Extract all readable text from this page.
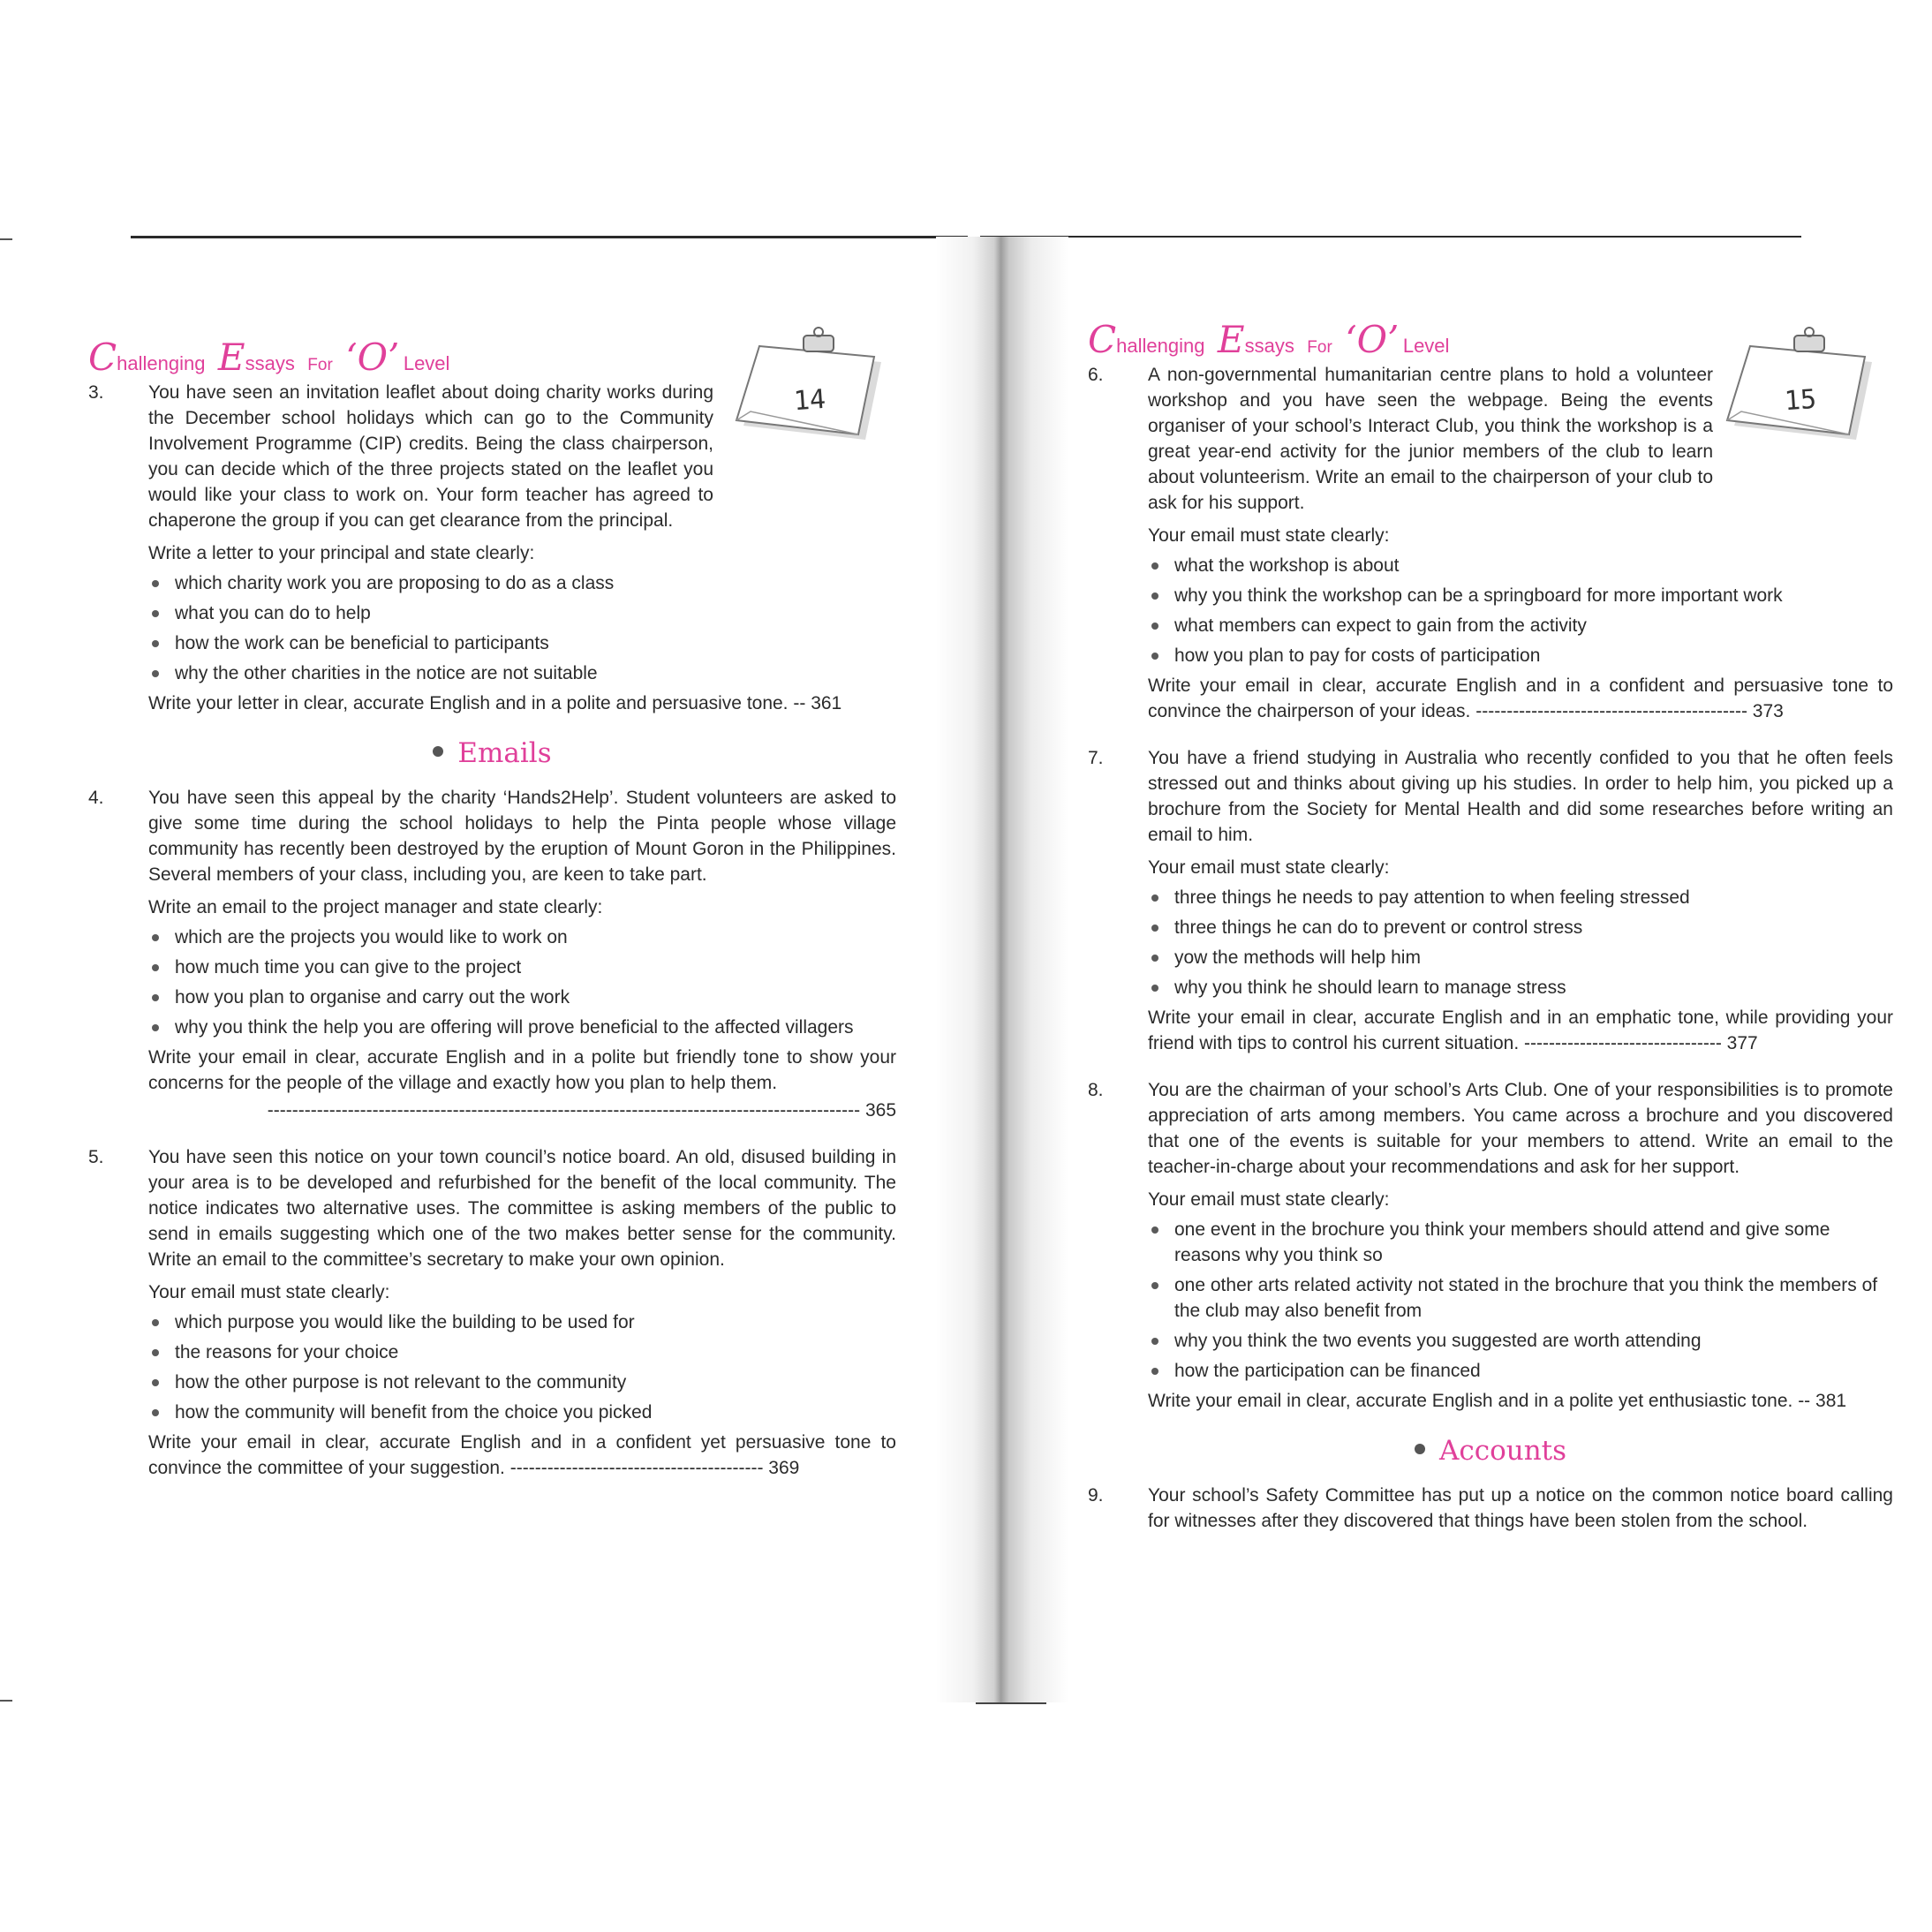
Challenging Essays For ‘O’ Level
14
3.	You have seen an invitation leaflet about doing charity works during the December school holidays which can go to the Community Involvement Programme (CIP) credits. Being the class chairperson, you can decide which of the three projects stated on the leaflet you would like your class to work on. Your form teacher has agreed to chaperone the group if you can get clearance from the principal.

Write a letter to your principal and state clearly:

which charity work you are proposing to do as a class
what you can do to help
how the work can be beneficial to participants
why the other charities in the notice are not suitable

Write your letter in clear, accurate English and in a polite and persuasive tone. -- 361

Emails
4.	You have seen this appeal by the charity ‘Hands2Help’. Student volunteers are asked to give some time during the school holidays to help the Pinta people whose village community has recently been destroyed by the eruption of Mount Goron in the Philippines. Several members of your class, including you, are keen to take part.

Write an email to the project manager and state clearly:

which are the projects you would like to work on
how much time you can give to the project
how you plan to organise and carry out the work
why you think the help you are offering will prove beneficial to the affected villagers

Write your email in clear, accurate English and in a polite but friendly tone to show your concerns for the people of the village and exactly how you plan to help them.

------------------------------------------------------------------------------------------------ 365
5.	You have seen this notice on your town council’s notice board. An old, disused building in your area is to be developed and refurbished for the benefit of the local community. The notice indicates two alternative uses. The committee is asking members of the public to send in emails suggesting which one of the two makes better sense for the community. Write an email to the committee’s secretary to make your own opinion.

Your email must state clearly:

which purpose you would like the building to be used for
the reasons for your choice
how the other purpose is not relevant to the community
how the community will benefit from the choice you picked

Write your email in clear, accurate English and in a confident yet persuasive tone to convince the committee of your suggestion. ----------------------------------------- 369

Challenging Essays For ‘O’ Level
15
6.	A non-governmental humanitarian centre plans to hold a volunteer workshop and you have seen the webpage. Being the events organiser of your school’s Interact Club, you think the workshop is a great year-end activity for the junior members of the club to learn about volunteerism. Write an email to the chairperson of your club to ask for his support.

Your email must state clearly:

what the workshop is about
why you think the workshop can be a springboard for more important work
what members can expect to gain from the activity
how you plan to pay for costs of participation

Write your email in clear, accurate English and in a confident and persuasive tone to convince the chairperson of your ideas. -------------------------------------------- 373

7.	You have a friend studying in Australia who recently confided to you that he often feels stressed out and thinks about giving up his studies. In order to help him, you picked up a brochure from the Society for Mental Health and did some researches before writing an email to him.

Your email must state clearly:

three things he needs to pay attention to when feeling stressed
three things he can do to prevent or control stress
yow the methods will help him
why you think he should learn to manage stress

Write your email in clear, accurate English and in an emphatic tone, while providing your friend with tips to control his current situation. -------------------------------- 377

8.	You are the chairman of your school’s Arts Club. One of your responsibilities is to promote appreciation of arts among members. You came across a brochure and you discovered that one of the events is suitable for your members to attend. Write an email to the teacher-in-charge about your recommendations and ask for her support.

Your email must state clearly:

one event in the brochure you think your members should attend and give some reasons why you think so
one other arts related activity not stated in the brochure that you think the members of the club may also benefit from
why you think the two events you suggested are worth attending
how the participation can be financed

Write your email in clear, accurate English and in a polite yet enthusiastic tone. -- 381

Accounts
9.	Your school’s Safety Committee has put up a notice on the common notice board calling for witnesses after they discovered that things have been stolen from the school.
